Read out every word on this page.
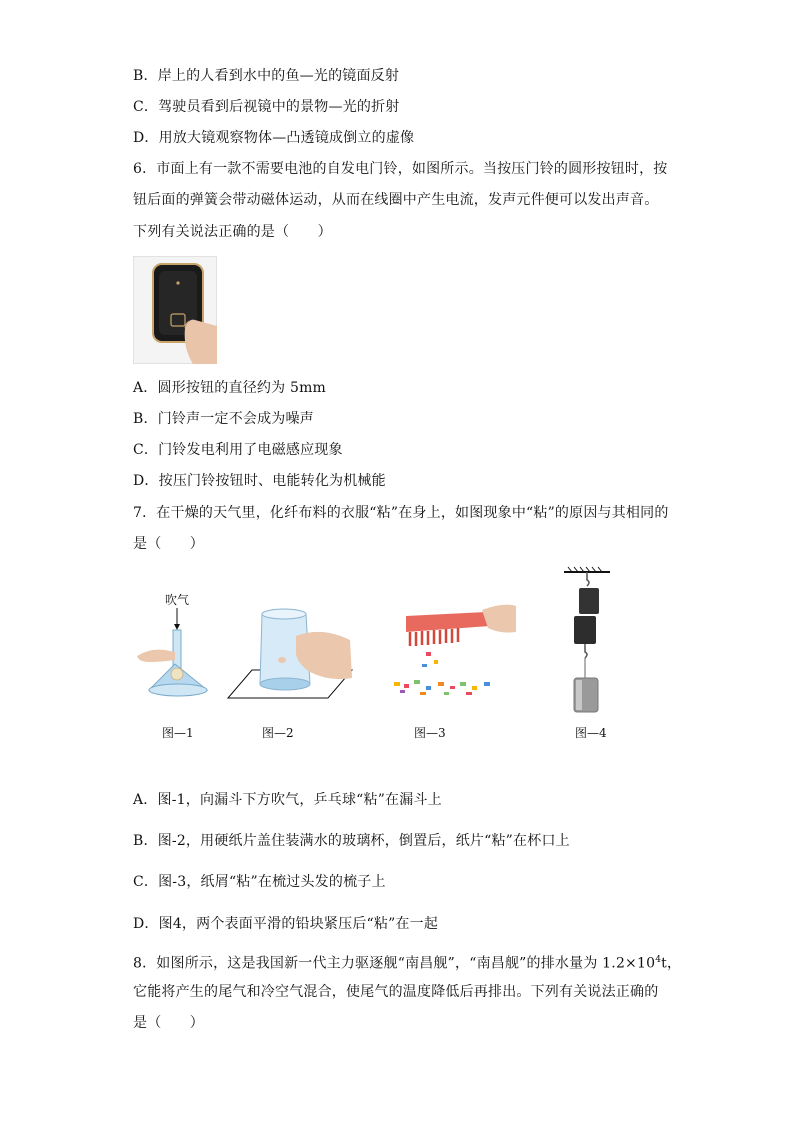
B．岸上的人看到水中的鱼—光的镜面反射
C．驾驶员看到后视镜中的景物—光的折射
D．用放大镜观察物体—凸透镜成倒立的虚像
6．市面上有一款不需要电池的自发电门铃，如图所示。当按压门铃的圆形按钮时，按
钮后面的弹簧会带动磁体运动，从而在线圈中产生电流，发声元件便可以发出声音。
下列有关说法正确的是（　　）
A．圆形按钮的直径约为 5mm
B．门铃声一定不会成为噪声
C．门铃发电利用了电磁感应现象
D．按压门铃按钮时、电能转化为机械能
7．在干燥的天气里，化纤布料的衣服“粘”在身上，如图现象中“粘”的原因与其相同的
是（　　）
吹气
图—1	图—2	图—3	图—4
A．图-1，向漏斗下方吹气，乒乓球“粘”在漏斗上
B．图-2，用硬纸片盖住装满水的玻璃杯，倒置后，纸片“粘”在杯口上
C．图-3，纸屑“粘”在梳过头发的梳子上
D．图4，两个表面平滑的铅块紧压后“粘”在一起
8．如图所示，这是我国新一代主力驱逐舰“南昌舰”，“南昌舰”的排水量为 $1.2\times 10^4t$，
它能将产生的尾气和冷空气混合，使尾气的温度降低后再排出。下列有关说法正确的
是（　　）
